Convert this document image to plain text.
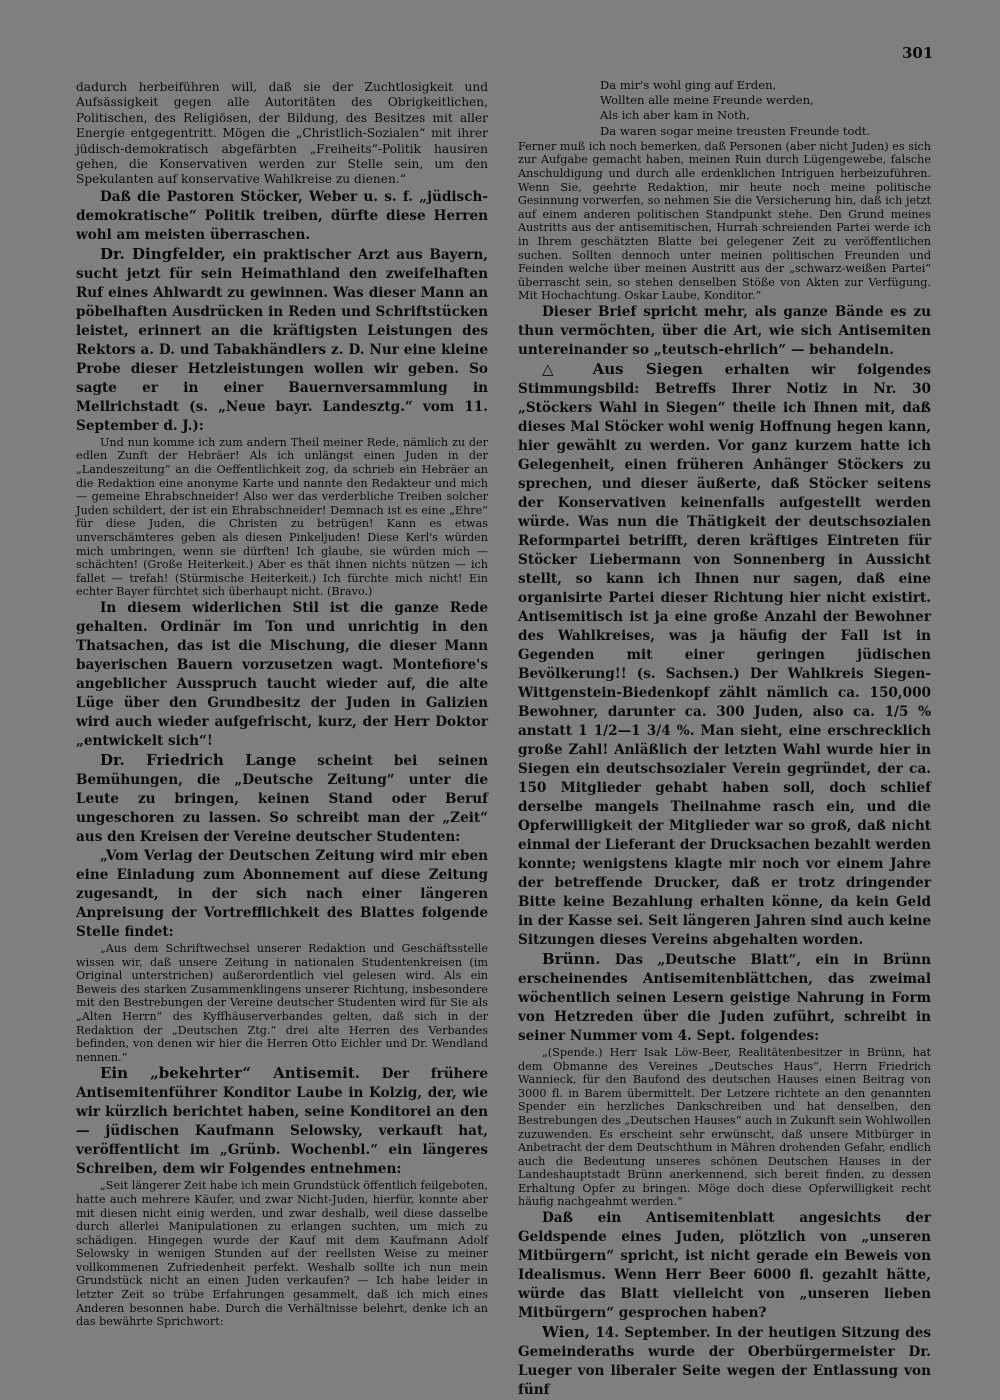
301

dadurch herbeiführen will, daß sie der Zuchtlosigkeit und Aufsässigkeit gegen alle Autoritäten des Obrigkeitlichen, Politischen, des Religiösen, der Bildung, des Besitzes mit aller Energie entgegentritt. Mögen die „Christlich-Sozialen“ mit ihrer jüdisch-demokratisch abgefärbten „Freiheits“-Politik hausiren gehen, die Konservativen werden zur Stelle sein, um den Spekulanten auf konservative Wahlkreise zu dienen.“

Daß die Pastoren Stöcker, Weber u. s. f. „jüdisch-demokratische“ Politik treiben, dürfte diese Herren wohl am meisten überraschen.

Dr. Dingfelder, ein praktischer Arzt aus Bayern, sucht jetzt für sein Heimathland den zweifelhaften Ruf eines Ahlwardt zu gewinnen. Was dieser Mann an pöbelhaften Ausdrücken in Reden und Schriftstücken leistet, erinnert an die kräftigsten Leistungen des Rektors a. D. und Tabakhändlers z. D. Nur eine kleine Probe dieser Hetzleistungen wollen wir geben. So sagte er in einer Bauernversammlung in Mellrichstadt (s. „Neue bayr. Landesztg.“ vom 11. September d. J.):

Und nun komme ich zum andern Theil meiner Rede, nämlich zu der edlen Zunft der Hebräer! Als ich unlängst einen Juden in der „Landeszeitung“ an die Oeffentlichkeit zog, da schrieb ein Hebräer an die Redaktion eine anonyme Karte und nannte den Redakteur und mich — gemeine Ehrabschneider! Also wer das verderbliche Treiben solcher Juden schildert, der ist ein Ehrabschneider! Demnach ist es eine „Ehre“ für diese Juden, die Christen zu betrügen! Kann es etwas unverschämteres geben als diesen Pinkeljuden! Diese Kerl's würden mich umbringen, wenn sie dürften! Ich glaube, sie würden mich — schächten! (Große Heiterkeit.) Aber es thät ihnen nichts nützen — ich fallet — trefah! (Stürmische Heiterkeit.) Ich fürchte mich nicht! Ein echter Bayer fürchtet sich überhaupt nicht. (Bravo.)

In diesem widerlichen Stil ist die ganze Rede gehalten. Ordinär im Ton und unrichtig in den Thatsachen, das ist die Mischung, die dieser Mann bayerischen Bauern vorzusetzen wagt. Montefiore's angeblicher Ausspruch taucht wieder auf, die alte Lüge über den Grundbesitz der Juden in Galizien wird auch wieder aufgefrischt, kurz, der Herr Doktor „entwickelt sich“!

Dr. Friedrich Lange scheint bei seinen Bemühungen, die „Deutsche Zeitung“ unter die Leute zu bringen, keinen Stand oder Beruf ungeschoren zu lassen. So schreibt man der „Zeit“ aus den Kreisen der Vereine deutscher Studenten:

„Vom Verlag der Deutschen Zeitung wird mir eben eine Einladung zum Abonnement auf diese Zeitung zugesandt, in der sich nach einer längeren Anpreisung der Vortrefflichkeit des Blattes folgende Stelle findet:

„Aus dem Schriftwechsel unserer Redaktion und Geschäftsstelle wissen wir, daß unsere Zeitung in nationalen Studentenkreisen (im Original unterstrichen) außerordentlich viel gelesen wird. Als ein Beweis des starken Zusammenklingens unserer Richtung, insbesondere mit den Bestrebungen der Vereine deutscher Studenten wird für Sie als „Alten Herrn“ des Kyffhäuserverbandes gelten, daß sich in der Redaktion der „Deutschen Ztg.“ drei alte Herren des Verbandes befinden, von denen wir hier die Herren Otto Eichler und Dr. Wendland nennen.“

Ein „bekehrter“ Antisemit. Der frühere Antisemitenführer Konditor Laube in Kolzig, der, wie wir kürzlich berichtet haben, seine Konditorei an den — jüdischen Kaufmann Selowsky, verkauft hat, veröffentlicht im „Grünb. Wochenbl.“ ein längeres Schreiben, dem wir Folgendes entnehmen:

„Seit längerer Zeit habe ich mein Grundstück öffentlich feilgeboten, hatte auch mehrere Käufer, und zwar Nicht-Juden, hierfür, konnte aber mit diesen nicht einig werden, und zwar deshalb, weil diese dasselbe durch allerlei Manipulationen zu erlangen suchten, um mich zu schädigen. Hingegen wurde der Kauf mit dem Kaufmann Adolf Selowsky in wenigen Stunden auf der reellsten Weise zu meiner vollkommenen Zufriedenheit perfekt. Weshalb sollte ich nun mein Grundstück nicht an einen Juden verkaufen? — Ich habe leider in letzter Zeit so trübe Erfahrungen gesammelt, daß ich mich eines Anderen besonnen habe. Durch die Verhältnisse belehrt, denke ich an das bewährte Sprichwort:

Da mir's wohl ging auf Erden,
Wollten alle meine Freunde werden,
Als ich aber kam in Noth,
Da waren sogar meine treusten Freunde todt.

Ferner muß ich noch bemerken, daß Personen (aber nicht Juden) es sich zur Aufgabe gemacht haben, meinen Ruin durch Lügengewebe, falsche Anschuldigung und durch alle erdenklichen Intriguen herbeizuführen. Wenn Sie, geehrte Redaktion, mir heute noch meine politische Gesinnung vorwerfen, so nehmen Sie die Versicherung hin, daß ich jetzt auf einem anderen politischen Standpunkt stehe. Den Grund meines Austritts aus der antisemitischen, Hurrah schreienden Partei werde ich in Ihrem geschätzten Blatte bei gelegener Zeit zu veröffentlichen suchen. Sollten dennoch unter meinen politischen Freunden und Feinden welche über meinen Austritt aus der „schwarz-weißen Partei“ überrascht sein, so stehen denselben Stöße von Akten zur Verfügung. Mit Hochachtung. Oskar Laube, Konditor.“

Dieser Brief spricht mehr, als ganze Bände es zu thun vermöchten, über die Art, wie sich Antisemiten untereinander so „teutsch-ehrlich“ — behandeln.

△ Aus Siegen erhalten wir folgendes Stimmungsbild: Betreffs Ihrer Notiz in Nr. 30 „Stöckers Wahl in Siegen“ theile ich Ihnen mit, daß dieses Mal Stöcker wohl wenig Hoffnung hegen kann, hier gewählt zu werden. Vor ganz kurzem hatte ich Gelegenheit, einen früheren Anhänger Stöckers zu sprechen, und dieser äußerte, daß Stöcker seitens der Konservativen keinenfalls aufgestellt werden würde. Was nun die Thätigkeit der deutschsozialen Reformpartei betrifft, deren kräftiges Eintreten für Stöcker Liebermann von Sonnenberg in Aussicht stellt, so kann ich Ihnen nur sagen, daß eine organisirte Partei dieser Richtung hier nicht existirt. Antisemitisch ist ja eine große Anzahl der Bewohner des Wahlkreises, was ja häufig der Fall ist in Gegenden mit einer geringen jüdischen Bevölkerung!! (s. Sachsen.) Der Wahlkreis Siegen-Wittgenstein-Biedenkopf zählt nämlich ca. 150,000 Bewohner, darunter ca. 300 Juden, also ca. 1/5 % anstatt 1 1/2—1 3/4 %. Man sieht, eine erschrecklich große Zahl! Anläßlich der letzten Wahl wurde hier in Siegen ein deutschsozialer Verein gegründet, der ca. 150 Mitglieder gehabt haben soll, doch schlief derselbe mangels Theilnahme rasch ein, und die Opferwilligkeit der Mitglieder war so groß, daß nicht einmal der Lieferant der Drucksachen bezahlt werden konnte; wenigstens klagte mir noch vor einem Jahre der betreffende Drucker, daß er trotz dringender Bitte keine Bezahlung erhalten könne, da kein Geld in der Kasse sei. Seit längeren Jahren sind auch keine Sitzungen dieses Vereins abgehalten worden.

Brünn. Das „Deutsche Blatt“, ein in Brünn erscheinendes Antisemitenblättchen, das zweimal wöchentlich seinen Lesern geistige Nahrung in Form von Hetzreden über die Juden zuführt, schreibt in seiner Nummer vom 4. Sept. folgendes:

„(Spende.) Herr Isak Löw-Beer, Realitätenbesitzer in Brünn, hat dem Obmanne des Vereines „Deutsches Haus“, Herrn Friedrich Wannieck, für den Baufond des deutschen Hauses einen Beitrag von 3000 fl. in Barem übermittelt. Der Letzere richtete an den genannten Spender ein herzliches Dankschreiben und hat denselben, den Bestrebungen des „Deutschen Hauses“ auch in Zukunft sein Wohlwollen zuzuwenden. Es erscheint sehr erwünscht, daß unsere Mitbürger in Anbetracht der dem Deutschthum in Mähren drohenden Gefahr, endlich auch die Bedeutung unseres schönen Deutschen Hauses in der Landeshauptstadt Brünn anerkennend, sich bereit finden, zu dessen Erhaltung Opfer zu bringen. Möge doch diese Opferwilligkeit recht häufig nachgeahmt werden.“

Daß ein Antisemitenblatt angesichts der Geldspende eines Juden, plötzlich von „unseren Mitbürgern“ spricht, ist nicht gerade ein Beweis von Idealismus. Wenn Herr Beer 6000 fl. gezahlt hätte, würde das Blatt vielleicht von „unseren lieben Mitbürgern“ gesprochen haben?

Wien, 14. September. In der heutigen Sitzung des Gemeinderaths wurde der Oberbürgermeister Dr. Lueger von liberaler Seite wegen der Entlassung von fünf
